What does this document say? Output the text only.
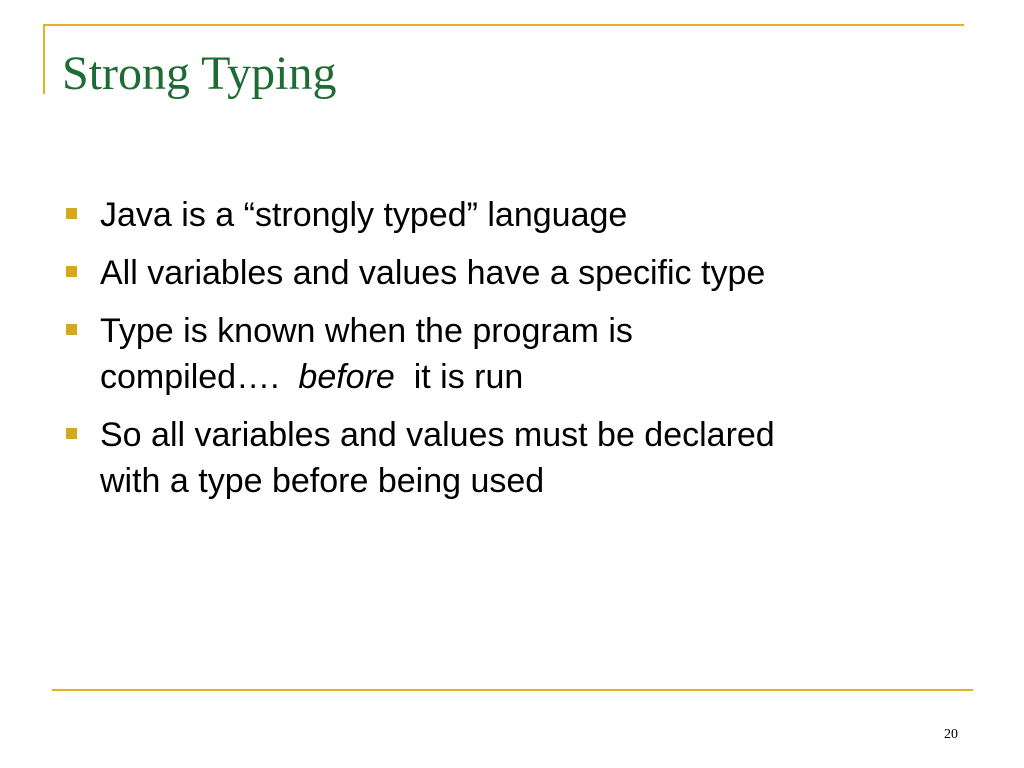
Strong Typing
Java is a “strongly typed” language
All variables and values have a specific type
Type is known when the program is
compiled….  before  it is run
So all variables and values must be declared
with a type before being used
20
